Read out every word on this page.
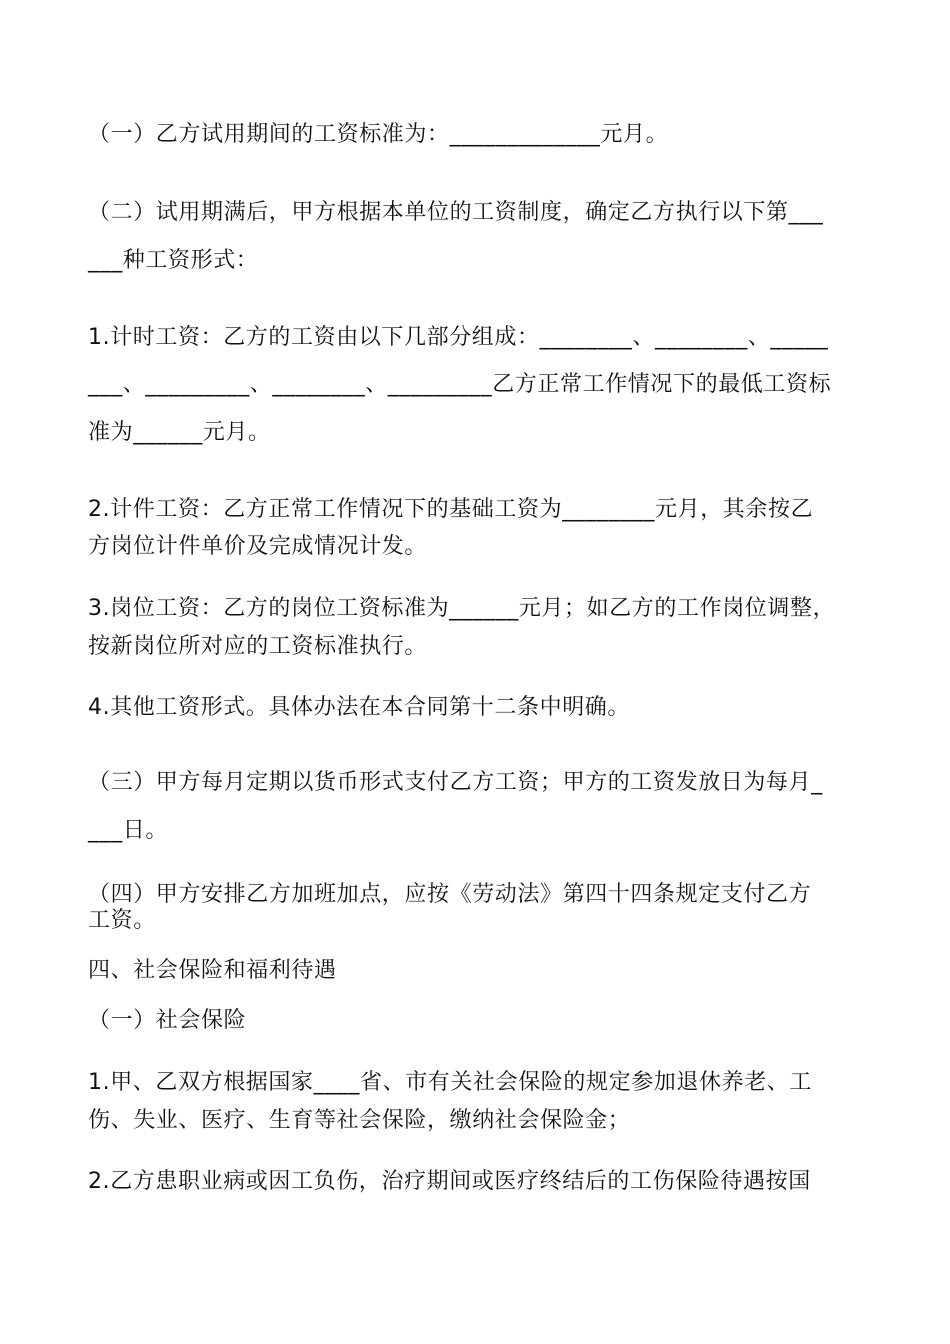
（一）乙方试用期间的工资标准为：_____________元月。
（二）试用期满后，甲方根据本单位的工资制度，确定乙方执行以下第___
___种工资形式：
1.计时工资：乙方的工资由以下几部分组成：________、________、_____
___、_________、________、_________乙方正常工作情况下的最低工资标
准为______元月。
2.计件工资：乙方正常工作情况下的基础工资为________元月，其余按乙
方岗位计件单价及完成情况计发。
3.岗位工资：乙方的岗位工资标准为______元月；如乙方的工作岗位调整，
按新岗位所对应的工资标准执行。
4.其他工资形式。具体办法在本合同第十二条中明确。
（三）甲方每月定期以货币形式支付乙方工资；甲方的工资发放日为每月_
___日。
（四）甲方安排乙方加班加点，应按《劳动法》第四十四条规定支付乙方
工资。
四、社会保险和福利待遇
（一）社会保险
1.甲、乙双方根据国家____省、市有关社会保险的规定参加退休养老、工
伤、失业、医疗、生育等社会保险，缴纳社会保险金；
2.乙方患职业病或因工负伤，治疗期间或医疗终结后的工伤保险待遇按国
